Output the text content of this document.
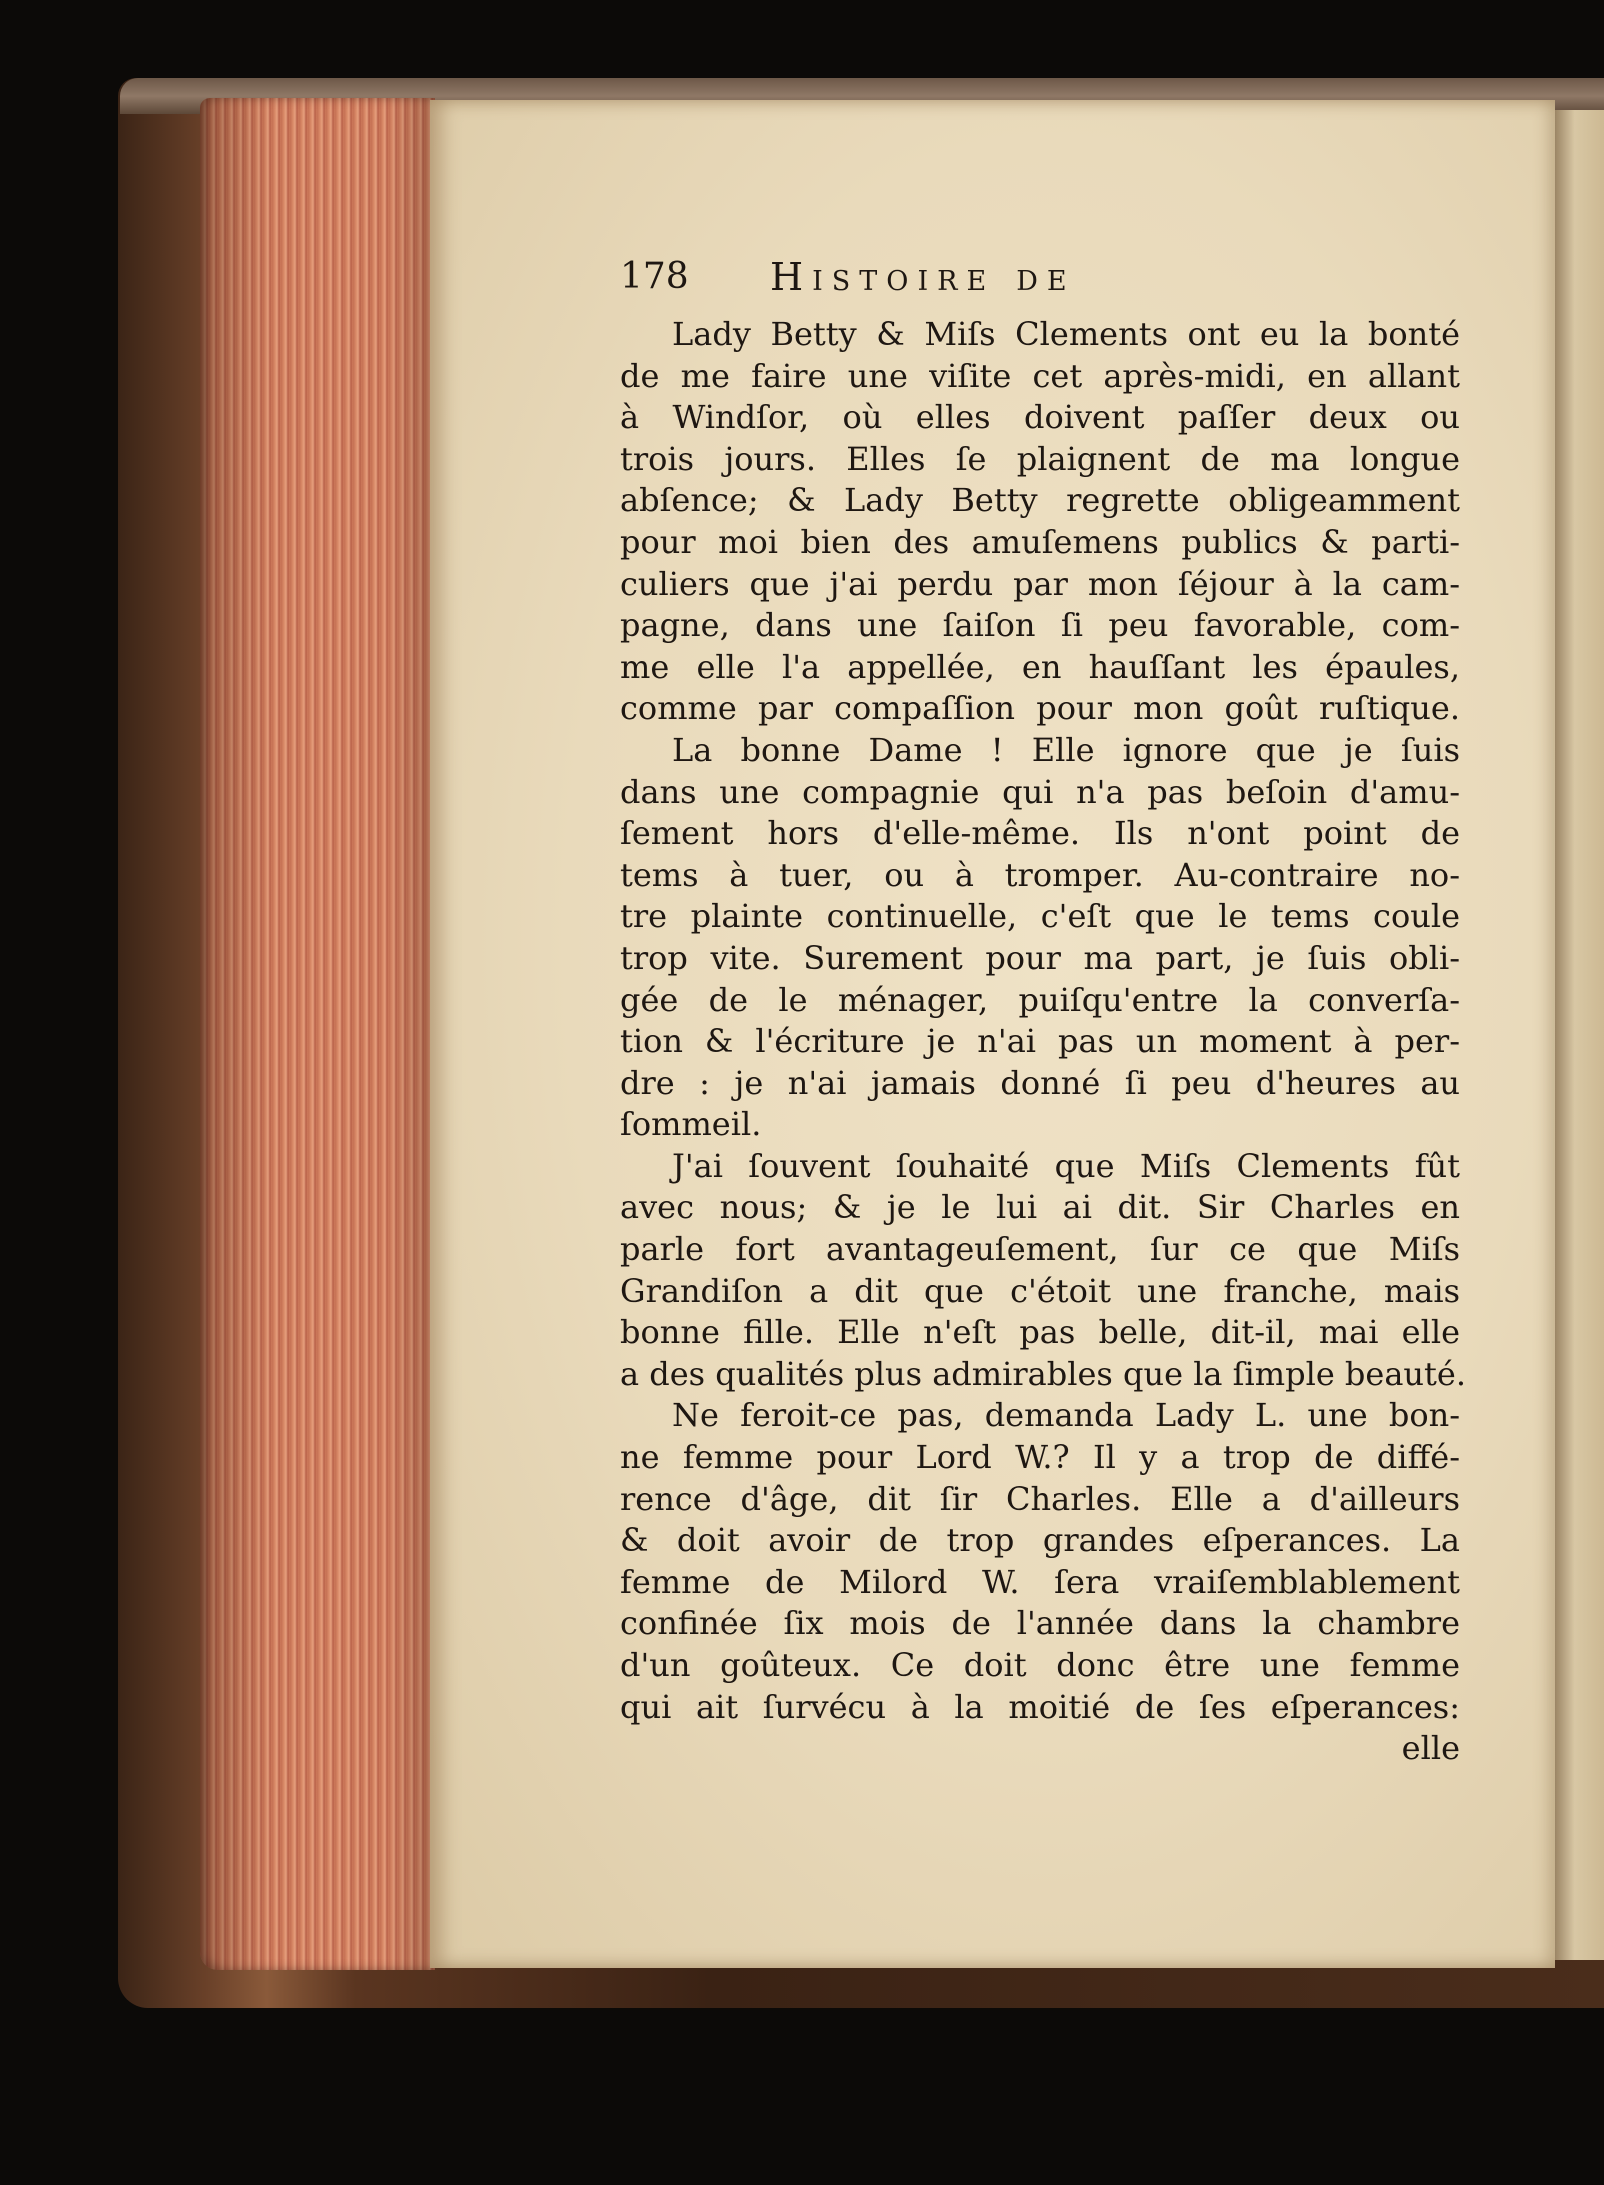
178 Histoire de
Lady Betty & Miſs Clements ont eu la bonté
de me faire une viſite cet après-midi, en allant
à Windſor, où elles doivent paſſer deux ou
trois jours. Elles ſe plaignent de ma longue
abſence; & Lady Betty regrette obligeamment
pour moi bien des amuſemens publics & parti-
culiers que j'ai perdu par mon ſéjour à la cam-
pagne, dans une ſaiſon ſi peu favorable, com-
me elle l'a appellée, en hauſſant les épaules,
comme par compaſſion pour mon goût ruſtique.
La bonne Dame ! Elle ignore que je ſuis
dans une compagnie qui n'a pas beſoin d'amu-
ſement hors d'elle-même. Ils n'ont point de
tems à tuer, ou à tromper. Au-contraire no-
tre plainte continuelle, c'eſt que le tems coule
trop vite. Surement pour ma part, je ſuis obli-
gée de le ménager, puiſqu'entre la converſa-
tion & l'écriture je n'ai pas un moment à per-
dre : je n'ai jamais donné ſi peu d'heures au
ſommeil.
J'ai ſouvent ſouhaité que Miſs Clements fût
avec nous; & je le lui ai dit. Sir Charles en
parle fort avantageuſement, ſur ce que Miſs
Grandiſon a dit que c'étoit une franche, mais
bonne fille. Elle n'eſt pas belle, dit-il, mai elle
a des qualités plus admirables que la ſimple beauté.
Ne feroit-ce pas, demanda Lady L. une bon-
ne femme pour Lord W.? Il y a trop de diffé-
rence d'âge, dit ſir Charles. Elle a d'ailleurs
& doit avoir de trop grandes eſperances. La
femme de Milord W. ſera vraiſemblablement
confinée ſix mois de l'année dans la chambre
d'un goûteux. Ce doit donc être une femme
qui ait ſurvécu à la moitié de ſes eſperances:
elle
